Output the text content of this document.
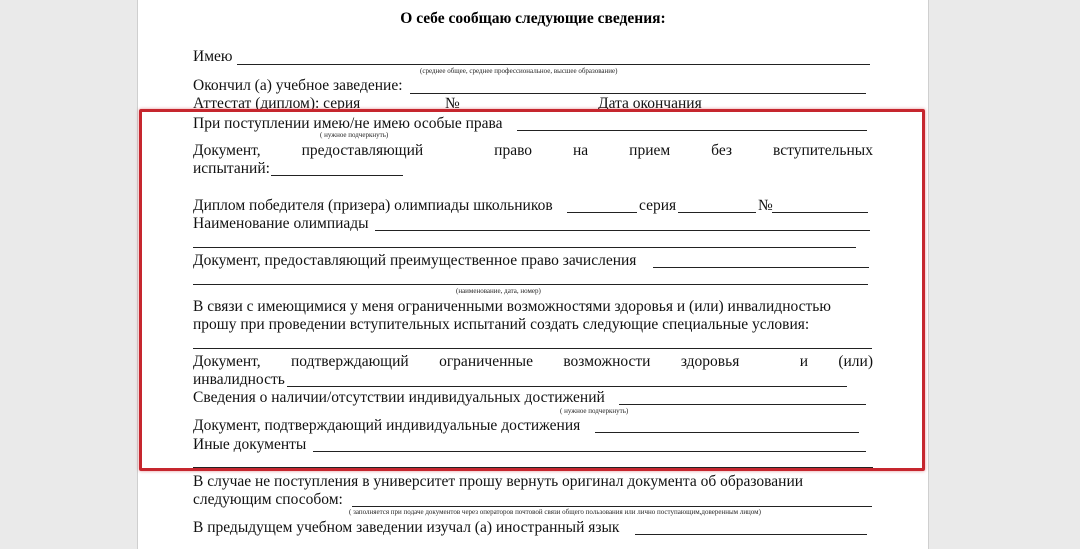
О себе сообщаю следующие сведения:
Имею
(среднее общее, среднее профессиональное, высшее образование)
Окончил (а) учебное заведение:
Аттестат (диплом): серия	№	Дата окончания
При поступлении имею/не имею особые права
( нужное подчеркнуть)
Документ,	предоставляющий	право	на	прием	без	вступительных
испытаний:
Диплом победителя (призера) олимпиады школьников	серия	№
Наименование олимпиады
Документ, предоставляющий преимущественное право зачисления
(наименование, дата, номер)
В связи с имеющимися у меня ограниченными возможностями здоровья и (или) инвалидностью
прошу при проведении вступительных испытаний создать следующие специальные условия:
Документ, подтверждающий ограниченные возможности здоровья	и (или)
инвалидность
Сведения о наличии/отсутствии индивидуальных достижений
( нужное подчеркнуть)
Документ, подтверждающий индивидуальные достижения
Иные документы
В случае не поступления в университет прошу вернуть оригинал документа об образовании
следующим способом:
( заполняется при подаче документов через операторов почтовой связи общего пользования или лично поступающим,доверенным лицом)
В предыдущем учебном заведении изучал (а) иностранный язык
